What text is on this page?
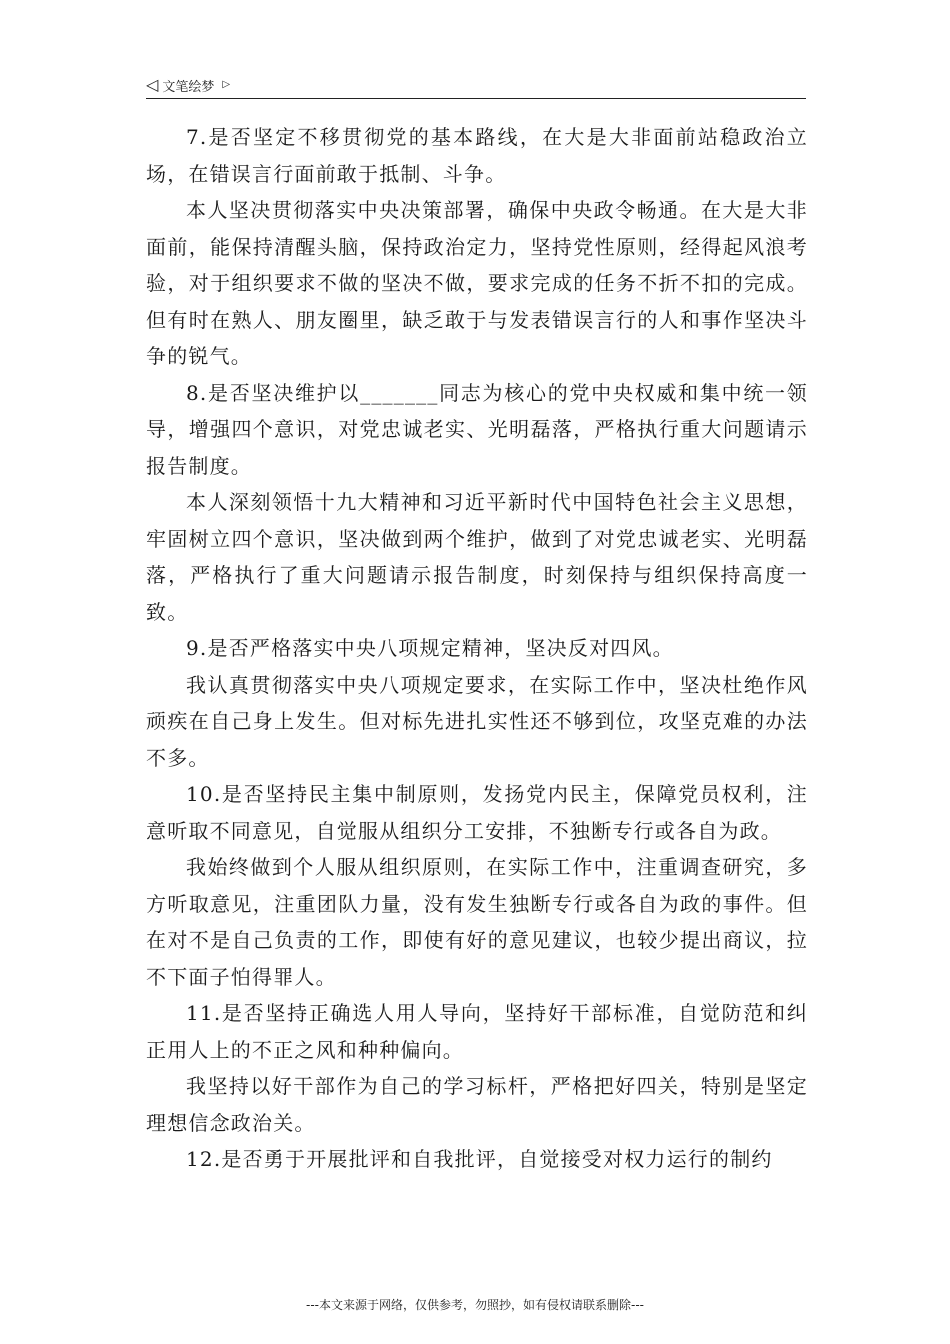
◁ 文笔绘梦 ▷

7.是否坚定不移贯彻党的基本路线，在大是大非面前站稳政治立场，在错误言行面前敢于抵制、斗争。

本人坚决贯彻落实中央决策部署，确保中央政令畅通。在大是大非面前，能保持清醒头脑，保持政治定力，坚持党性原则，经得起风浪考验，对于组织要求不做的坚决不做，要求完成的任务不折不扣的完成。但有时在熟人、朋友圈里，缺乏敢于与发表错误言行的人和事作坚决斗争的锐气。

8.是否坚决维护以_______同志为核心的党中央权威和集中统一领导，增强四个意识，对党忠诚老实、光明磊落，严格执行重大问题请示报告制度。

本人深刻领悟十九大精神和习近平新时代中国特色社会主义思想，牢固树立四个意识，坚决做到两个维护，做到了对党忠诚老实、光明磊落，严格执行了重大问题请示报告制度，时刻保持与组织保持高度一致。

9.是否严格落实中央八项规定精神，坚决反对四风。

我认真贯彻落实中央八项规定要求，在实际工作中，坚决杜绝作风顽疾在自己身上发生。但对标先进扎实性还不够到位，攻坚克难的办法不多。

10.是否坚持民主集中制原则，发扬党内民主，保障党员权利，注意听取不同意见，自觉服从组织分工安排，不独断专行或各自为政。

我始终做到个人服从组织原则，在实际工作中，注重调查研究，多方听取意见，注重团队力量，没有发生独断专行或各自为政的事件。但在对不是自己负责的工作，即使有好的意见建议，也较少提出商议，拉不下面子怕得罪人。

11.是否坚持正确选人用人导向，坚持好干部标准，自觉防范和纠正用人上的不正之风和种种偏向。

我坚持以好干部作为自己的学习标杆，严格把好四关，特别是坚定理想信念政治关。

12.是否勇于开展批评和自我批评，自觉接受对权力运行的制约

---本文来源于网络，仅供参考，勿照抄，如有侵权请联系删除---
